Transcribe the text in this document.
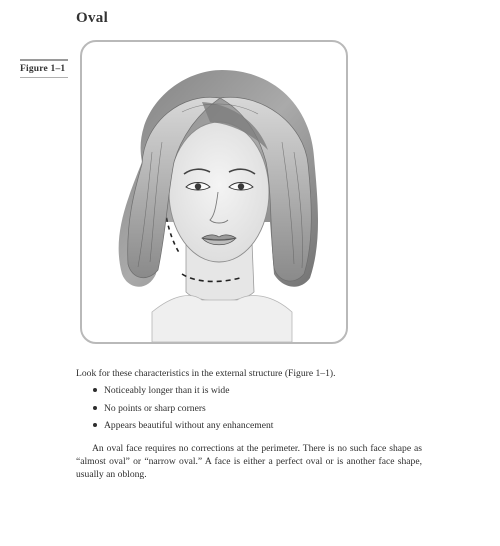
Oval
Figure 1–1
Look for these characteristics in the external structure (Figure 1–1).
Noticeably longer than it is wide
No points or sharp corners
Appears beautiful without any enhancement
An oval face requires no corrections at the perimeter. There is no such face shape as “almost oval” or “narrow oval.” A face is either a perfect oval or is another face shape, usually an oblong.
